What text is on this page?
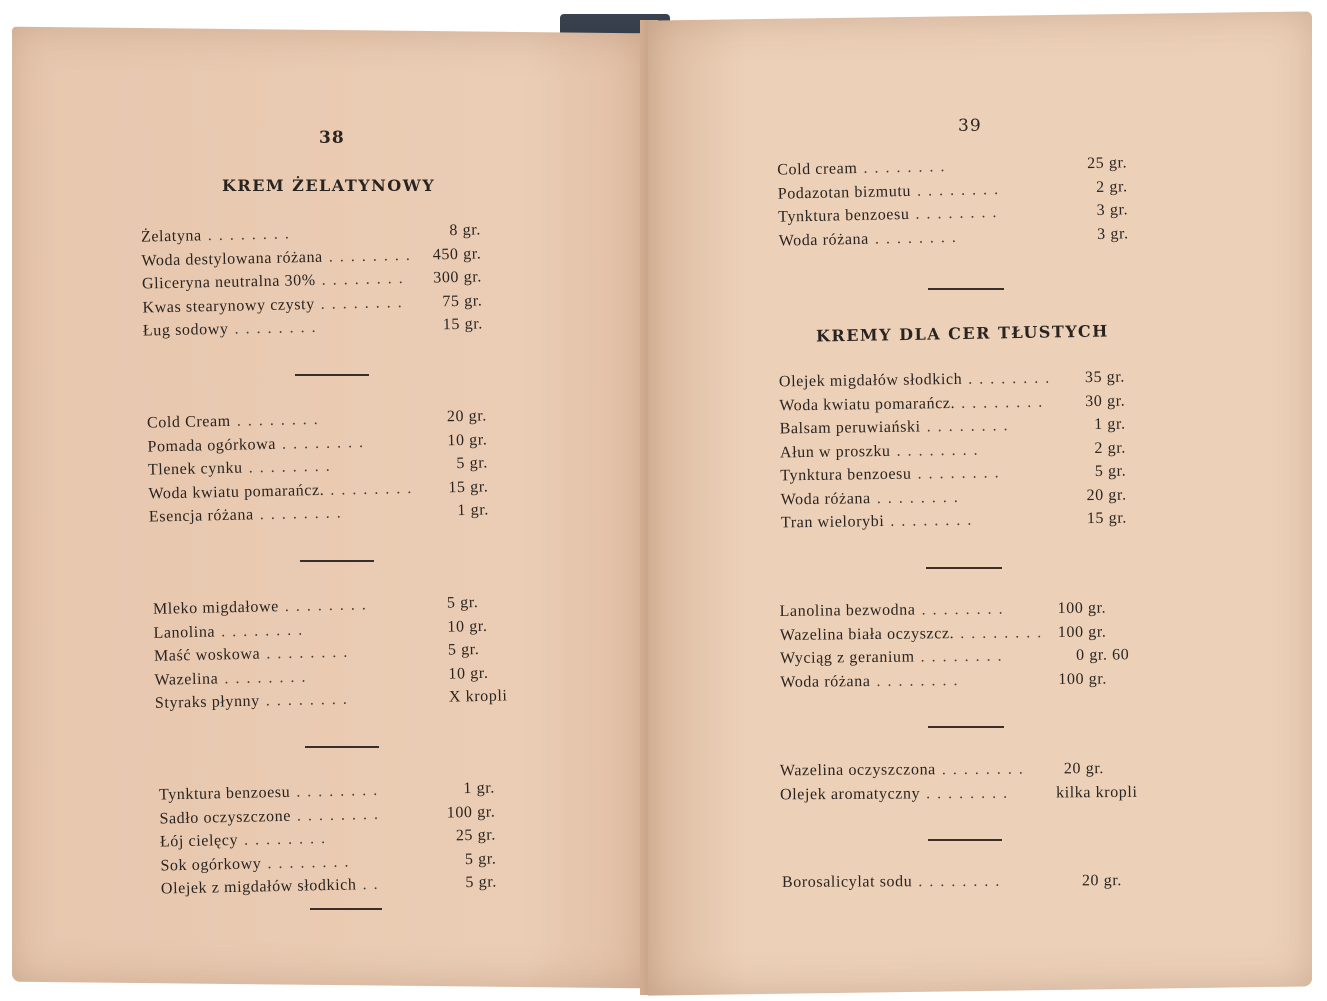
38
KREM ŻELATYNOWY
Żelatyna ........	8 gr.
Woda destylowana różana ........ 450 gr.
Gliceryna neutralna 30% ........	300 gr.
Kwas stearynowy czysty ........	75 gr.
Ług sodowy ........	15 gr.
Cold Cream ........	20 gr.
Pomada ogórkowa ........	10 gr.
Tlenek cynku ........	5 gr.
Woda kwiatu pomarańcz. ........	15 gr.
Esencja różana ........	1 gr.
Mleko migdałowe ........	5 gr.
Lanolina ........	10 gr.
Maść woskowa ........	5 gr.
Wazelina ........	10 gr.
Styraks płynny ........	X kropli
Tynktura benzoesu ........	1 gr.
Sadło oczyszczone ........	100 gr.
Łój cielęcy ........	25 gr.
Sok ogórkowy ........	5 gr.
Olejek z migdałów słodkich ..	5 gr.
39
Cold cream ........	25 gr.
Podazotan bizmutu ........	2 gr.
Tynktura benzoesu ........	3 gr.
Woda różana ........	3 gr.
KREMY DLA CER TŁUSTYCH
Olejek migdałów słodkich ........	35 gr.
Woda kwiatu pomarańcz. ........	30 gr.
Balsam peruwiański ........	1 gr.
Ałun w proszku ........	2 gr.
Tynktura benzoesu ........	5 gr.
Woda różana ........	20 gr.
Tran wielorybi ........	15 gr.
Lanolina bezwodna ........	100 gr.
Wazelina biała oczyszcz. ........ 100 gr.
Wyciąg z geranium ........	0 gr. 60
Woda różana ........	100 gr.
Wazelina oczyszczona ........	20 gr.
Olejek aromatyczny ........	kilka kropli
Borosalicylat sodu ........	20 gr.
